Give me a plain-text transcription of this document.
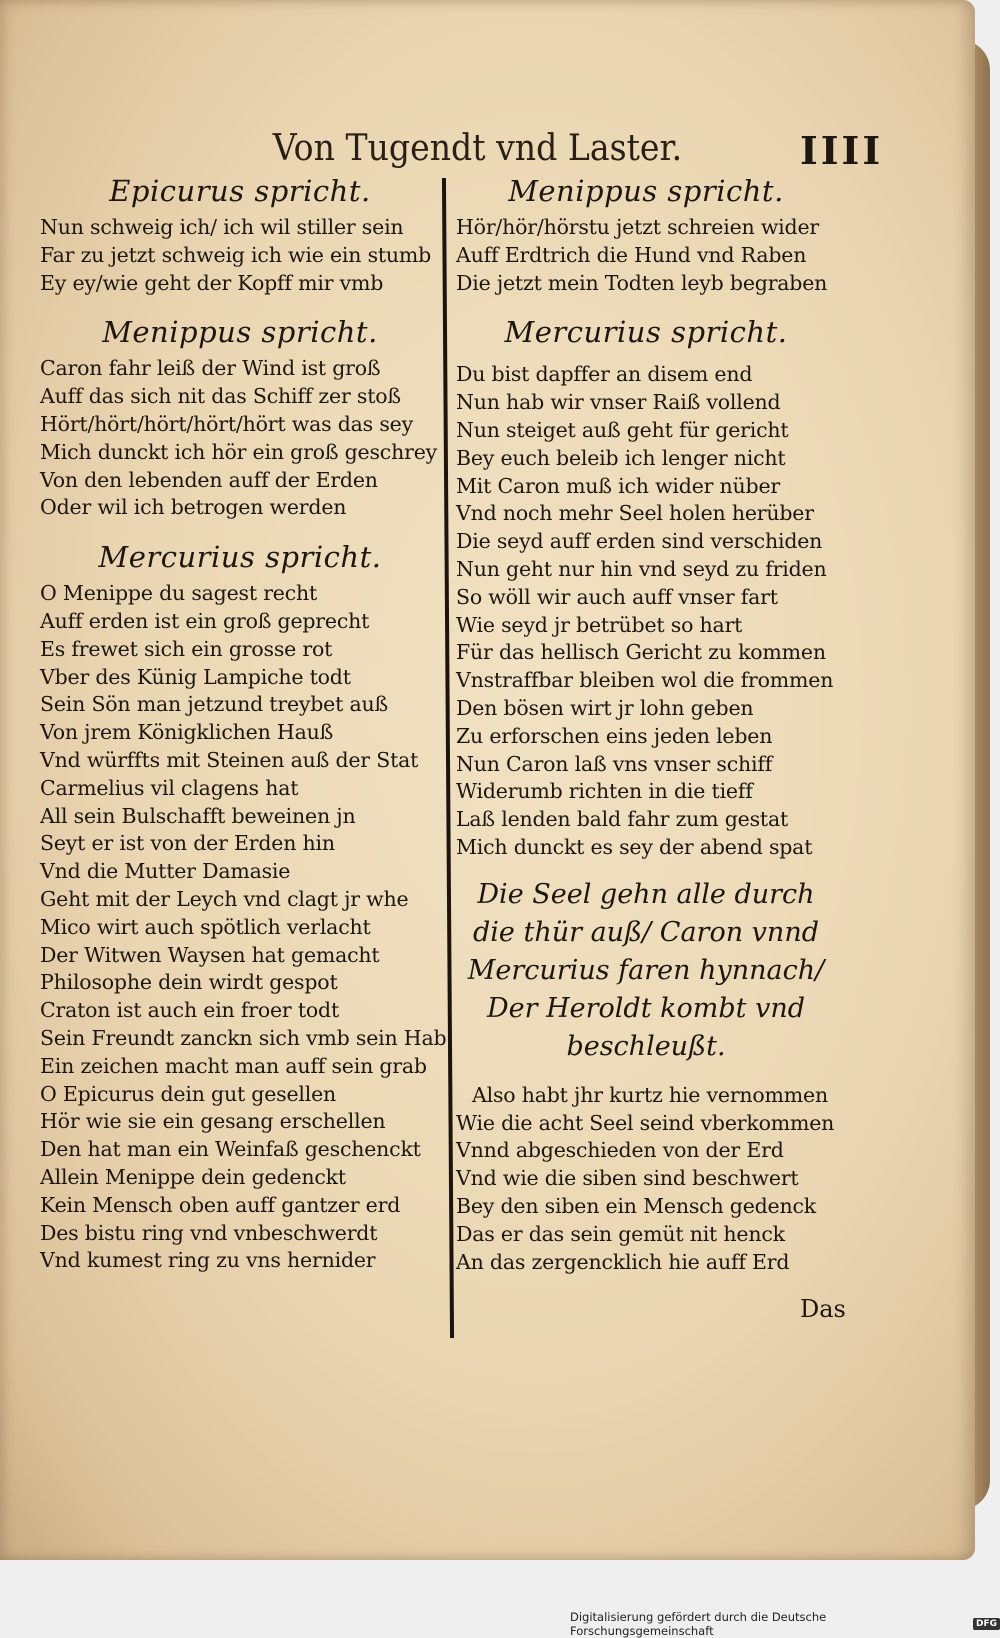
Von Tugendt vnd Laster.	IIII
Epicurus spricht.
Nun schweig ich/ ich wil stiller sein
Far zu jetzt schweig ich wie ein stumb
Ey ey/wie geht der Kopff mir vmb
Menippus spricht.
Caron fahr leiß der Wind ist groß
Auff das sich nit das Schiff zer stoß
Hört/hört/hört/hört/hört was das sey
Mich dunckt ich hör ein groß geschrey
Von den lebenden auff der Erden
Oder wil ich betrogen werden
Mercurius spricht.
O Menippe du sagest recht
Auff erden ist ein groß geprecht
Es frewet sich ein grosse rot
Vber des Künig Lampiche todt
Sein Sön man jetzund treybet auß
Von jrem Königklichen Hauß
Vnd würffts mit Steinen auß der Stat
Carmelius vil clagens hat
All sein Bulschafft beweinen jn
Seyt er ist von der Erden hin
Vnd die Mutter Damasie
Geht mit der Leych vnd clagt jr whe
Mico wirt auch spötlich verlacht
Der Witwen Waysen hat gemacht
Philosophe dein wirdt gespot
Craton ist auch ein froer todt
Sein Freundt zanckn sich vmb sein Hab
Ein zeichen macht man auff sein grab
O Epicurus dein gut gesellen
Hör wie sie ein gesang erschellen
Den hat man ein Weinfaß geschenckt
Allein Menippe dein gedenckt
Kein Mensch oben auff gantzer erd
Des bistu ring vnd vnbeschwerdt
Vnd kumest ring zu vns hernider
Menippus spricht.
Hör/hör/hörstu jetzt schreien wider
Auff Erdtrich die Hund vnd Raben
Die jetzt mein Todten leyb begraben
Mercurius spricht.
Du bist dapffer an disem end
Nun hab wir vnser Raiß vollend
Nun steiget auß geht für gericht
Bey euch beleib ich lenger nicht
Mit Caron muß ich wider nüber
Vnd noch mehr Seel holen herüber
Die seyd auff erden sind verschiden
Nun geht nur hin vnd seyd zu friden
So wöll wir auch auff vnser fart
Wie seyd jr betrübet so hart
Für das hellisch Gericht zu kommen
Vnstraffbar bleiben wol die frommen
Den bösen wirt jr lohn geben
Zu erforschen eins jeden leben
Nun Caron laß vns vnser schiff
Widerumb richten in die tieff
Laß lenden bald fahr zum gestat
Mich dunckt es sey der abend spat
Die Seel gehn alle durch die thür auß/ Caron vnnd Mercurius faren hynnach/ Der Heroldt kombt vnd beschleußt.
Also habt jhr kurtz hie vernommen
Wie die acht Seel seind vberkommen
Vnnd abgeschieden von der Erd
Vnd wie die siben sind beschwert
Bey den siben ein Mensch gedenck
Das er das sein gemüt nit henck
An das zergencklich hie auff Erd
Das
Digitalisierung gefördert durch die Deutsche Forschungsgemeinschaft	DFG
